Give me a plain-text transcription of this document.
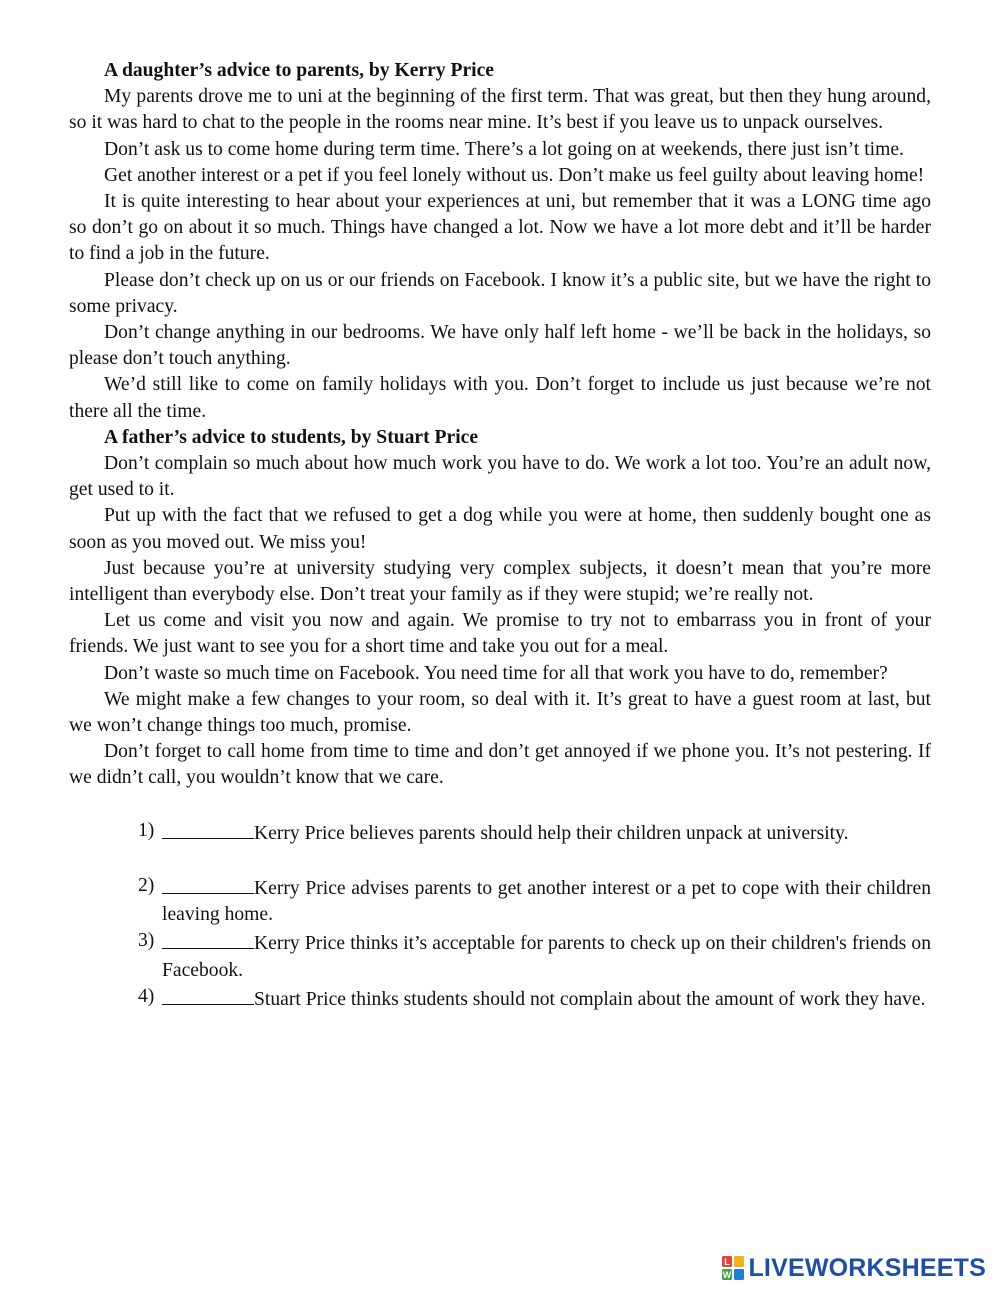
A daughter’s advice to parents, by Kerry Price

My parents drove me to uni at the beginning of the first term. That was great, but then they hung around, so it was hard to chat to the people in the rooms near mine. It’s best if you leave us to unpack ourselves.

Don’t ask us to come home during term time. There’s a lot going on at weekends, there just isn’t time.

Get another interest or a pet if you feel lonely without us. Don’t make us feel guilty about leaving home!

It is quite interesting to hear about your experiences at uni, but remember that it was a LONG time ago so don’t go on about it so much. Things have changed a lot. Now we have a lot more debt and it’ll be harder to find a job in the future.

Please don’t check up on us or our friends on Facebook. I know it’s a public site, but we have the right to some privacy.

Don’t change anything in our bedrooms. We have only half left home - we’ll be back in the holidays, so please don’t touch anything.

We’d still like to come on family holidays with you. Don’t forget to include us just because we’re not there all the time.

A father’s advice to students, by Stuart Price

Don’t complain so much about how much work you have to do. We work a lot too. You’re an adult now, get used to it.

Put up with the fact that we refused to get a dog while you were at home, then suddenly bought one as soon as you moved out. We miss you!

Just because you’re at university studying very complex subjects, it doesn’t mean that you’re more intelligent than everybody else. Don’t treat your family as if they were stupid; we’re really not.

Let us come and visit you now and again. We promise to try not to embarrass you in front of your friends. We just want to see you for a short time and take you out for a meal.

Don’t waste so much time on Facebook. You need time for all that work you have to do, remember?

We might make a few changes to your room, so deal with it. It’s great to have a guest room at last, but we won’t change things too much, promise.

Don’t forget to call home from time to time and don’t get annoyed if we phone you. It’s not pestering. If we didn’t call, you wouldn’t know that we care.

1)	Kerry Price believes parents should help their children unpack at university.
2)	Kerry Price advises parents to get another interest or a pet to cope with their children leaving home.
3)	Kerry Price thinks it’s acceptable for parents to check up on their children's friends on Facebook.
4)	Stuart Price thinks students should not complain about the amount of work they have.
L
W LIVEWORKSHEETS
